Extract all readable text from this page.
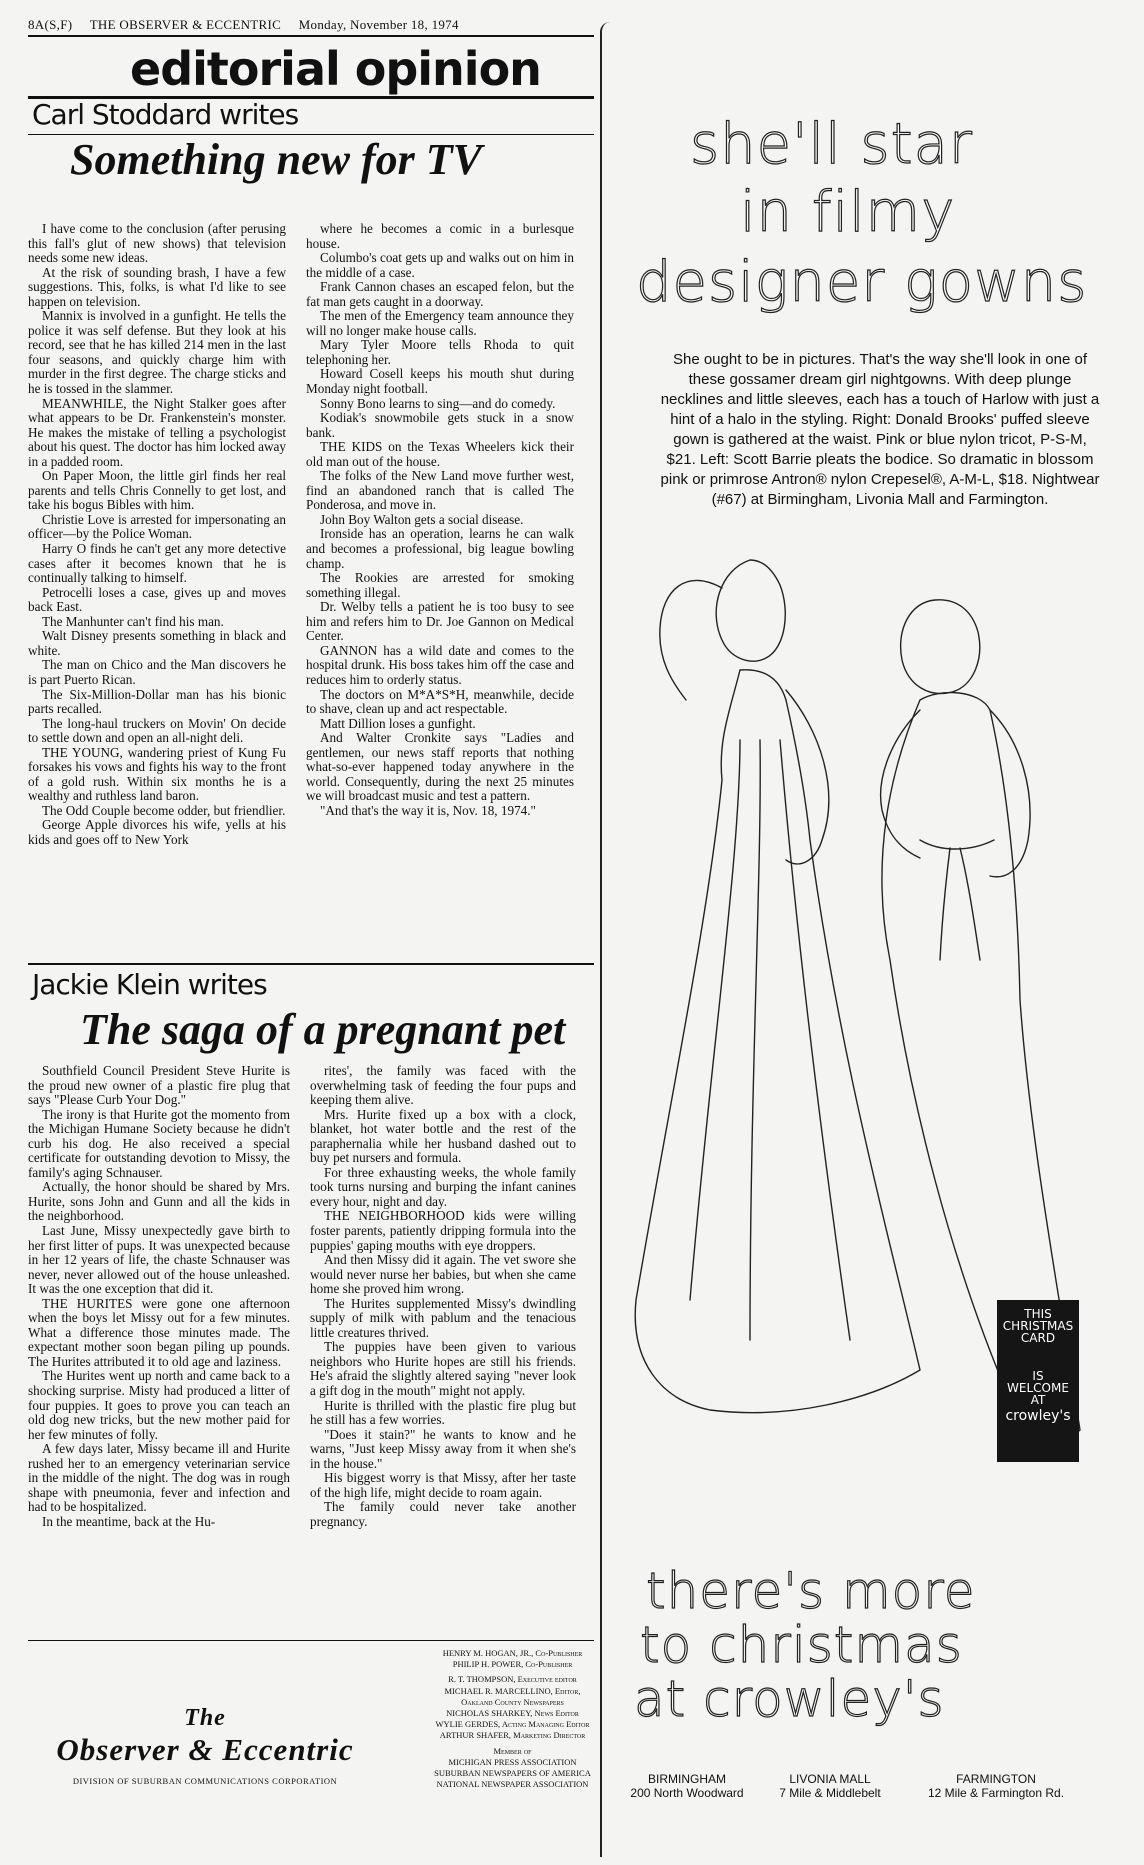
8A(S,F) THE OBSERVER & ECCENTRIC Monday, November 18, 1974
editorial opinion
Carl Stoddard writes
Something new for TV

I have come to the conclusion (after perusing this fall's glut of new shows) that television needs some new ideas.

At the risk of sounding brash, I have a few suggestions. This, folks, is what I'd like to see happen on television.

Mannix is involved in a gunfight. He tells the police it was self defense. But they look at his record, see that he has killed 214 men in the last four seasons, and quickly charge him with murder in the first degree. The charge sticks and he is tossed in the slammer.

MEANWHILE, the Night Stalker goes after what appears to be Dr. Frankenstein's monster. He makes the mistake of telling a psychologist about his quest. The doctor has him locked away in a padded room.

On Paper Moon, the little girl finds her real parents and tells Chris Connelly to get lost, and take his bogus Bibles with him.

Christie Love is arrested for impersonating an officer—by the Police Woman.

Harry O finds he can't get any more detective cases after it becomes known that he is continually talking to himself.

Petrocelli loses a case, gives up and moves back East.

The Manhunter can't find his man.

Walt Disney presents something in black and white.

The man on Chico and the Man discovers he is part Puerto Rican.

The Six-Million-Dollar man has his bionic parts recalled.

The long-haul truckers on Movin' On decide to settle down and open an all-night deli.

THE YOUNG, wandering priest of Kung Fu forsakes his vows and fights his way to the front of a gold rush. Within six months he is a wealthy and ruthless land baron.

The Odd Couple become odder, but friendlier.

George Apple divorces his wife, yells at his kids and goes off to New York

where he becomes a comic in a burlesque house.

Columbo's coat gets up and walks out on him in the middle of a case.

Frank Cannon chases an escaped felon, but the fat man gets caught in a doorway.

The men of the Emergency team announce they will no longer make house calls.

Mary Tyler Moore tells Rhoda to quit telephoning her.

Howard Cosell keeps his mouth shut during Monday night football.

Sonny Bono learns to sing—and do comedy.

Kodiak's snowmobile gets stuck in a snow bank.

THE KIDS on the Texas Wheelers kick their old man out of the house.

The folks of the New Land move further west, find an abandoned ranch that is called The Ponderosa, and move in.

John Boy Walton gets a social disease.

Ironside has an operation, learns he can walk and becomes a professional, big league bowling champ.

The Rookies are arrested for smoking something illegal.

Dr. Welby tells a patient he is too busy to see him and refers him to Dr. Joe Gannon on Medical Center.

GANNON has a wild date and comes to the hospital drunk. His boss takes him off the case and reduces him to orderly status.

The doctors on M*A*S*H, meanwhile, decide to shave, clean up and act respectable.

Matt Dillion loses a gunfight.

And Walter Cronkite says "Ladies and gentlemen, our news staff reports that nothing what-so-ever happened today anywhere in the world. Consequently, during the next 25 minutes we will broadcast music and test a pattern.

"And that's the way it is, Nov. 18, 1974."

Jackie Klein writes
The saga of a pregnant pet

Southfield Council President Steve Hurite is the proud new owner of a plastic fire plug that says "Please Curb Your Dog."

The irony is that Hurite got the momento from the Michigan Humane Society because he didn't curb his dog. He also received a special certificate for outstanding devotion to Missy, the family's aging Schnauser.

Actually, the honor should be shared by Mrs. Hurite, sons John and Gunn and all the kids in the neighborhood.

Last June, Missy unexpectedly gave birth to her first litter of pups. It was unexpected because in her 12 years of life, the chaste Schnauser was never, never allowed out of the house unleashed. It was the one exception that did it.

THE HURITES were gone one afternoon when the boys let Missy out for a few minutes. What a difference those minutes made. The expectant mother soon began piling up pounds. The Hurites attributed it to old age and laziness.

The Hurites went up north and came back to a shocking surprise. Misty had produced a litter of four puppies. It goes to prove you can teach an old dog new tricks, but the new mother paid for her few minutes of folly.

A few days later, Missy became ill and Hurite rushed her to an emergency veterinarian service in the middle of the night. The dog was in rough shape with pneumonia, fever and infection and had to be hospitalized.

In the meantime, back at the Hu-

rites', the family was faced with the overwhelming task of feeding the four pups and keeping them alive.

Mrs. Hurite fixed up a box with a clock, blanket, hot water bottle and the rest of the paraphernalia while her husband dashed out to buy pet nursers and formula.

For three exhausting weeks, the whole family took turns nursing and burping the infant canines every hour, night and day.

THE NEIGHBORHOOD kids were willing foster parents, patiently dripping formula into the puppies' gaping mouths with eye droppers.

And then Missy did it again. The vet swore she would never nurse her babies, but when she came home she proved him wrong.

The Hurites supplemented Missy's dwindling supply of milk with pablum and the tenacious little creatures thrived.

The puppies have been given to various neighbors who Hurite hopes are still his friends. He's afraid the slightly altered saying "never look a gift dog in the mouth" might not apply.

Hurite is thrilled with the plastic fire plug but he still has a few worries.

"Does it stain?" he wants to know and he warns, "Just keep Missy away from it when she's in the house."

His biggest worry is that Missy, after her taste of the high life, might decide to roam again.

The family could never take another pregnancy.

HENRY M. HOGAN, JR., Co-Publisher
PHILIP H. POWER, Co-Publisher
R. T. THOMPSON, Executive editor
MICHAEL R. MARCELLINO, Editor,
Oakland County Newspapers
NICHOLAS SHARKEY, News Editor
WYLIE GERDES, Acting Managing Editor
ARTHUR SHAFER, Marketing Director
Member of
MICHIGAN PRESS ASSOCIATION
SUBURBAN NEWSPAPERS OF AMERICA
NATIONAL NEWSPAPER ASSOCIATION
The
Observer & Eccentric
DIVISION OF SUBURBAN COMMUNICATIONS CORPORATION
she'll star
in filmy
designer gowns
She ought to be in pictures. That's the way she'll look in one of these gossamer dream girl nightgowns. With deep plunge necklines and little sleeves, each has a touch of Harlow with just a hint of a halo in the styling. Right: Donald Brooks' puffed sleeve gown is gathered at the waist. Pink or blue nylon tricot, P-S-M, $21. Left: Scott Barrie pleats the bodice. So dramatic in blossom pink or primrose Antron® nylon Crepesel®, A-M-L, $18. Nightwear (#67) at Birmingham, Livonia Mall and Farmington.
THIS
CHRISTMAS
CARD
IS
WELCOME
AT
crowley's
there's more
to christmas
at crowley's
BIRMINGHAM
200 North Woodward
LIVONIA MALL
7 Mile & Middlebelt
FARMINGTON
12 Mile & Farmington Rd.
